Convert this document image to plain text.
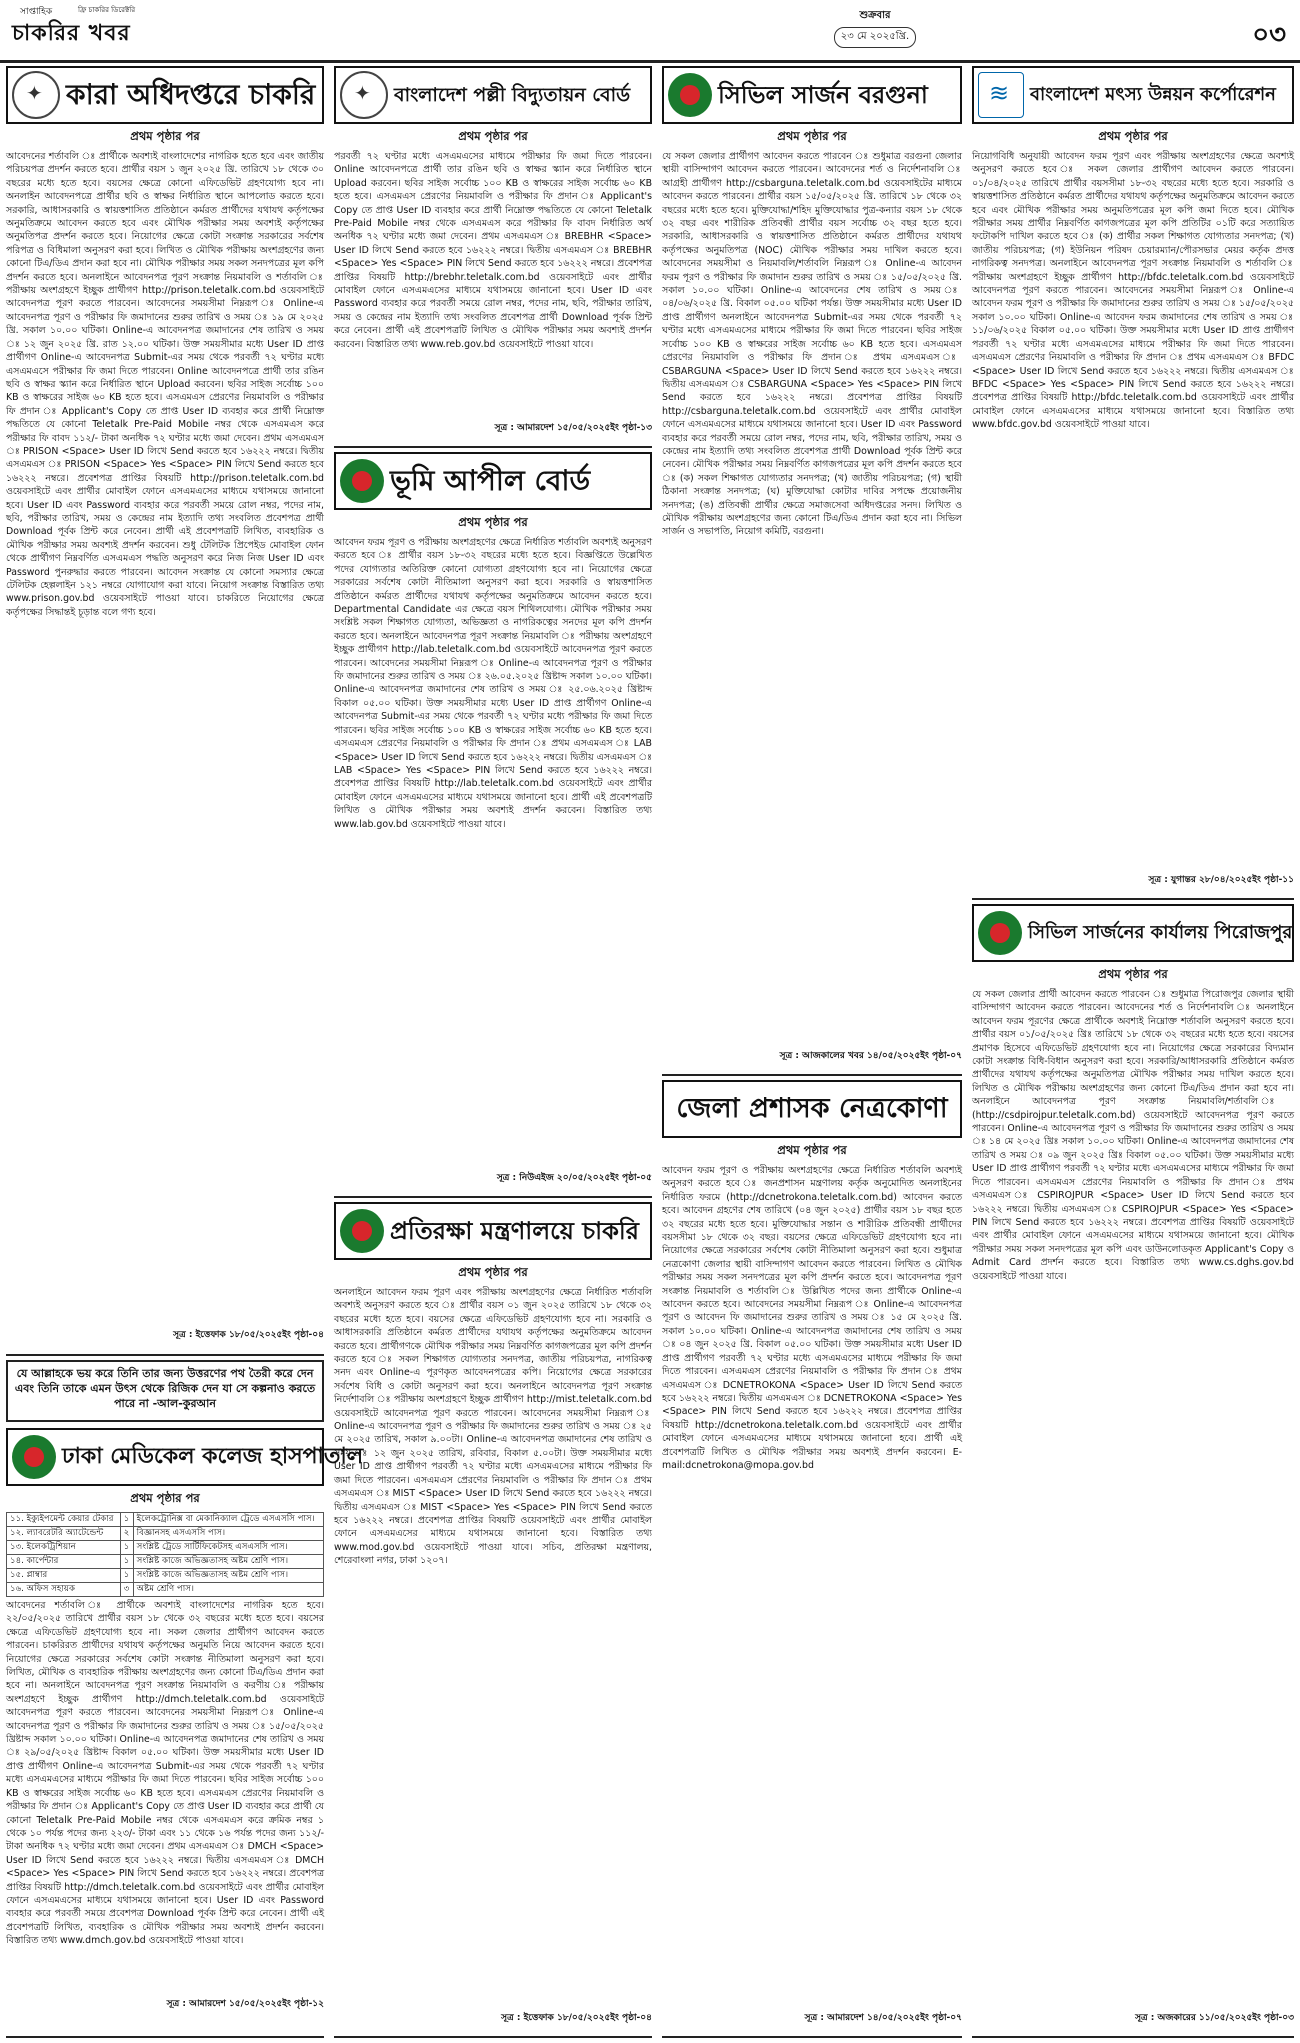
সাপ্তাহিক	ফ্রি চাকরির ডিরেক্টরি
চাকরির খবর
শুক্রবার
২৩ মে ২০২৫খ্রি.	০৩
✦
কারা অধিদপ্তরে চাকরি
প্রথম পৃষ্ঠার পর
আবেদনের শর্তাবলি ঃ প্রার্থীকে অবশ্যই বাংলাদেশের নাগরিক হতে হবে এবং জাতীয় পরিচয়পত্র প্রদর্শন করতে হবে। প্রার্থীর বয়স ১ জুন ২০২৫ খ্রি. তারিখে ১৮ থেকে ৩০ বছরের মধ্যে হতে হবে। বয়সের ক্ষেত্রে কোনো এফিডেভিট গ্রহণযোগ্য হবে না। অনলাইন আবেদনপত্রে প্রার্থীর ছবি ও স্বাক্ষর নির্ধারিত স্থানে আপলোড করতে হবে। সরকারি, আধাসরকারি ও স্বায়ত্তশাসিত প্রতিষ্ঠানে কর্মরত প্রার্থীদের যথাযথ কর্তৃপক্ষের অনুমতিক্রমে আবেদন করতে হবে এবং মৌখিক পরীক্ষার সময় অবশ্যই কর্তৃপক্ষের অনুমতিপত্র প্রদর্শন করতে হবে। নিয়োগের ক্ষেত্রে কোটা সংক্রান্ত সরকারের সর্বশেষ পরিপত্র ও বিধিমালা অনুসরণ করা হবে। লিখিত ও মৌখিক পরীক্ষায় অংশগ্রহণের জন্য কোনো টিএ/ডিএ প্রদান করা হবে না। মৌখিক পরীক্ষার সময় সকল সনদপত্রের মূল কপি প্রদর্শন করতে হবে। অনলাইনে আবেদনপত্র পূরণ সংক্রান্ত নিয়মাবলি ও শর্তাবলি ঃ পরীক্ষায় অংশগ্রহণে ইচ্ছুক প্রার্থীগণ http://prison.teletalk.com.bd ওয়েবসাইটে আবেদনপত্র পূরণ করতে পারবেন। আবেদনের সময়সীমা নিম্নরূপ ঃ Online-এ আবেদনপত্র পূরণ ও পরীক্ষার ফি জমাদানের শুরুর তারিখ ও সময় ঃ ১৯ মে ২০২৫ খ্রি. সকাল ১০.০০ ঘটিকা। Online-এ আবেদনপত্র জমাদানের শেষ তারিখ ও সময় ঃ ১২ জুন ২০২৫ খ্রি. রাত ১২.০০ ঘটিকা। উক্ত সময়সীমার মধ্যে User ID প্রাপ্ত প্রার্থীগণ Online-এ আবেদনপত্র Submit-এর সময় থেকে পরবর্তী ৭২ ঘণ্টার মধ্যে এসএমএসে পরীক্ষার ফি জমা দিতে পারবেন। Online আবেদনপত্রে প্রার্থী তার রঙিন ছবি ও স্বাক্ষর স্ক্যান করে নির্ধারিত স্থানে Upload করবেন। ছবির সাইজ সর্বোচ্চ ১০০ KB ও স্বাক্ষরের সাইজ ৬০ KB হতে হবে। এসএমএস প্রেরণের নিয়মাবলি ও পরীক্ষার ফি প্রদান ঃ Applicant's Copy তে প্রাপ্ত User ID ব্যবহার করে প্রার্থী নিম্নোক্ত পদ্ধতিতে যে কোনো Teletalk Pre-Paid Mobile নম্বর থেকে এসএমএস করে পরীক্ষার ফি বাবদ ১১২/- টাকা অনধিক ৭২ ঘণ্টার মধ্যে জমা দেবেন। প্রথম এসএমএস ঃ PRISON <Space> User ID লিখে Send করতে হবে ১৬২২২ নম্বরে। দ্বিতীয় এসএমএস ঃ PRISON <Space> Yes <Space> PIN লিখে Send করতে হবে ১৬২২২ নম্বরে। প্রবেশপত্র প্রাপ্তির বিষয়টি http://prison.teletalk.com.bd ওয়েবসাইটে এবং প্রার্থীর মোবাইল ফোনে এসএমএসের মাধ্যমে যথাসময়ে জানানো হবে। User ID এবং Password ব্যবহার করে পরবর্তী সময়ে রোল নম্বর, পদের নাম, ছবি, পরীক্ষার তারিখ, সময় ও কেন্দ্রের নাম ইত্যাদি তথ্য সংবলিত প্রবেশপত্র প্রার্থী Download পূর্বক প্রিন্ট করে নেবেন। প্রার্থী এই প্রবেশপত্রটি লিখিত, ব্যবহারিক ও মৌখিক পরীক্ষার সময় অবশ্যই প্রদর্শন করবেন। শুধু টেলিটক প্রিপেইড মোবাইল ফোন থেকে প্রার্থীগণ নিম্নবর্ণিত এসএমএস পদ্ধতি অনুসরণ করে নিজ নিজ User ID এবং Password পুনরুদ্ধার করতে পারবেন। আবেদন সংক্রান্ত যে কোনো সমস্যার ক্ষেত্রে টেলিটক হেল্পলাইন ১২১ নম্বরে যোগাযোগ করা যাবে। নিয়োগ সংক্রান্ত বিস্তারিত তথ্য www.prison.gov.bd ওয়েবসাইটে পাওয়া যাবে। চাকরিতে নিয়োগের ক্ষেত্রে কর্তৃপক্ষের সিদ্ধান্তই চূড়ান্ত বলে গণ্য হবে।
সূত্র : ইত্তেফাক ১৮/০৫/২০২৫ইং পৃষ্ঠা-০৪
যে আল্লাহকে ভয় করে তিনি তার জন্য উত্তরণের পথ তৈরী করে দেন এবং তিনি তাকে এমন উৎস থেকে রিজিক দেন যা সে কল্পনাও করতে পারে না -আল-কুরআন
ঢাকা মেডিকেল কলেজ হাসপাতাল
প্রথম পৃষ্ঠার পর
১১. ইক্যুইপমেন্ট কেয়ার টেকার	১	ইলেকট্রোনিক্স বা মেকানিক্যাল ট্রেডে এসএসসি পাস।
১২. ল্যাবরেটরি অ্যাটেন্ডেন্ট	২	বিজ্ঞানসহ এসএসসি পাস।
১৩. ইলেকট্রিশিয়ান	১	সংশ্লিষ্ট ট্রেডে সার্টিফিকেটসহ এসএসসি পাস।
১৪. কার্পেন্টার	১	সংশ্লিষ্ট কাজে অভিজ্ঞতাসহ অষ্টম শ্রেণি পাস।
১৫. প্লাম্বার	১	সংশ্লিষ্ট কাজে অভিজ্ঞতাসহ অষ্টম শ্রেণি পাস।
১৬. অফিস সহায়ক	৩	অষ্টম শ্রেণি পাস।
আবেদনের শর্তাবলি ঃ প্রার্থীকে অবশ্যই বাংলাদেশের নাগরিক হতে হবে। ২২/০৫/২০২৫ তারিখে প্রার্থীর বয়স ১৮ থেকে ৩২ বছরের মধ্যে হতে হবে। বয়সের ক্ষেত্রে এফিডেভিট গ্রহণযোগ্য হবে না। সকল জেলার প্রার্থীগণ আবেদন করতে পারবেন। চাকরিরত প্রার্থীদের যথাযথ কর্তৃপক্ষের অনুমতি নিয়ে আবেদন করতে হবে। নিয়োগের ক্ষেত্রে সরকারের সর্বশেষ কোটা সংক্রান্ত নীতিমালা অনুসরণ করা হবে। লিখিত, মৌখিক ও ব্যবহারিক পরীক্ষায় অংশগ্রহণের জন্য কোনো টিএ/ডিএ প্রদান করা হবে না। অনলাইনে আবেদনপত্র পূরণ সংক্রান্ত নিয়মাবলি ও করণীয় ঃ পরীক্ষায় অংশগ্রহণে ইচ্ছুক প্রার্থীগণ http://dmch.teletalk.com.bd ওয়েবসাইটে আবেদনপত্র পূরণ করতে পারবেন। আবেদনের সময়সীমা নিম্নরূপ ঃ Online-এ আবেদনপত্র পূরণ ও পরীক্ষার ফি জমাদানের শুরুর তারিখ ও সময় ঃ ১৫/০৫/২০২৫ খ্রিষ্টাব্দ সকাল ১০.০০ ঘটিকা। Online-এ আবেদনপত্র জমাদানের শেষ তারিখ ও সময় ঃ ২৯/০৫/২০২৫ খ্রিষ্টাব্দ বিকাল ০৫.০০ ঘটিকা। উক্ত সময়সীমার মধ্যে User ID প্রাপ্ত প্রার্থীগণ Online-এ আবেদনপত্র Submit-এর সময় থেকে পরবর্তী ৭২ ঘণ্টার মধ্যে এসএমএসের মাধ্যমে পরীক্ষার ফি জমা দিতে পারবেন। ছবির সাইজ সর্বোচ্চ ১০০ KB ও স্বাক্ষরের সাইজ সর্বোচ্চ ৬০ KB হতে হবে। এসএমএস প্রেরণের নিয়মাবলি ও পরীক্ষার ফি প্রদান ঃ Applicant's Copy তে প্রাপ্ত User ID ব্যবহার করে প্রার্থী যে কোনো Teletalk Pre-Paid Mobile নম্বর থেকে এসএমএস করে ক্রমিক নম্বর ১ থেকে ১০ পর্যন্ত পদের জন্য ২২৩/- টাকা এবং ১১ থেকে ১৬ পর্যন্ত পদের জন্য ১১২/- টাকা অনধিক ৭২ ঘণ্টার মধ্যে জমা দেবেন। প্রথম এসএমএস ঃ DMCH <Space> User ID লিখে Send করতে হবে ১৬২২২ নম্বরে। দ্বিতীয় এসএমএস ঃ DMCH <Space> Yes <Space> PIN লিখে Send করতে হবে ১৬২২২ নম্বরে। প্রবেশপত্র প্রাপ্তির বিষয়টি http://dmch.teletalk.com.bd ওয়েবসাইটে এবং প্রার্থীর মোবাইল ফোনে এসএমএসের মাধ্যমে যথাসময়ে জানানো হবে। User ID এবং Password ব্যবহার করে পরবর্তী সময়ে প্রবেশপত্র Download পূর্বক প্রিন্ট করে নেবেন। প্রার্থী এই প্রবেশপত্রটি লিখিত, ব্যবহারিক ও মৌখিক পরীক্ষার সময় অবশ্যই প্রদর্শন করবেন। বিস্তারিত তথ্য www.dmch.gov.bd ওয়েবসাইটে পাওয়া যাবে।
সূত্র : আমারদেশ ১৫/০৫/২০২৫ইং পৃষ্ঠা-১২
✦
বাংলাদেশ পল্লী বিদ্যুতায়ন বোর্ড
প্রথম পৃষ্ঠার পর
পরবর্তী ৭২ ঘণ্টার মধ্যে এসএমএসের মাধ্যমে পরীক্ষার ফি জমা দিতে পারবেন। Online আবেদনপত্রে প্রার্থী তার রঙিন ছবি ও স্বাক্ষর স্ক্যান করে নির্ধারিত স্থানে Upload করবেন। ছবির সাইজ সর্বোচ্চ ১০০ KB ও স্বাক্ষরের সাইজ সর্বোচ্চ ৬০ KB হতে হবে। এসএমএস প্রেরণের নিয়মাবলি ও পরীক্ষার ফি প্রদান ঃ Applicant's Copy তে প্রাপ্ত User ID ব্যবহার করে প্রার্থী নিম্নোক্ত পদ্ধতিতে যে কোনো Teletalk Pre-Paid Mobile নম্বর থেকে এসএমএস করে পরীক্ষার ফি বাবদ নির্ধারিত অর্থ অনধিক ৭২ ঘণ্টার মধ্যে জমা দেবেন। প্রথম এসএমএস ঃ BREBHR <Space> User ID লিখে Send করতে হবে ১৬২২২ নম্বরে। দ্বিতীয় এসএমএস ঃ BREBHR <Space> Yes <Space> PIN লিখে Send করতে হবে ১৬২২২ নম্বরে। প্রবেশপত্র প্রাপ্তির বিষয়টি http://brebhr.teletalk.com.bd ওয়েবসাইটে এবং প্রার্থীর মোবাইল ফোনে এসএমএসের মাধ্যমে যথাসময়ে জানানো হবে। User ID এবং Password ব্যবহার করে পরবর্তী সময়ে রোল নম্বর, পদের নাম, ছবি, পরীক্ষার তারিখ, সময় ও কেন্দ্রের নাম ইত্যাদি তথ্য সংবলিত প্রবেশপত্র প্রার্থী Download পূর্বক প্রিন্ট করে নেবেন। প্রার্থী এই প্রবেশপত্রটি লিখিত ও মৌখিক পরীক্ষার সময় অবশ্যই প্রদর্শন করবেন। বিস্তারিত তথ্য www.reb.gov.bd ওয়েবসাইটে পাওয়া যাবে।
সূত্র : আমারদেশ ১৫/০৫/২০২৫ইং পৃষ্ঠা-১৩
ভূমি আপীল বোর্ড
প্রথম পৃষ্ঠার পর
আবেদন ফরম পূরণ ও পরীক্ষায় অংশগ্রহণের ক্ষেত্রে নির্ধারিত শর্তাবলি অবশ্যই অনুসরণ করতে হবে ঃ প্রার্থীর বয়স ১৮-৩২ বছরের মধ্যে হতে হবে। বিজ্ঞপ্তিতে উল্লেখিত পদের যোগ্যতার অতিরিক্ত কোনো যোগ্যতা গ্রহণযোগ্য হবে না। নিয়োগের ক্ষেত্রে সরকারের সর্বশেষ কোটা নীতিমালা অনুসরণ করা হবে। সরকারি ও স্বায়ত্তশাসিত প্রতিষ্ঠানে কর্মরত প্রার্থীদের যথাযথ কর্তৃপক্ষের অনুমতিক্রমে আবেদন করতে হবে। Departmental Candidate এর ক্ষেত্রে বয়স শিথিলযোগ্য। মৌখিক পরীক্ষার সময় সংশ্লিষ্ট সকল শিক্ষাগত যোগ্যতা, অভিজ্ঞতা ও নাগরিকত্বের সনদের মূল কপি প্রদর্শন করতে হবে। অনলাইনে আবেদনপত্র পূরণ সংক্রান্ত নিয়মাবলি ঃ পরীক্ষায় অংশগ্রহণে ইচ্ছুক প্রার্থীগণ http://lab.teletalk.com.bd ওয়েবসাইটে আবেদনপত্র পূরণ করতে পারবেন। আবেদনের সময়সীমা নিম্নরূপ ঃ Online-এ আবেদনপত্র পূরণ ও পরীক্ষার ফি জমাদানের শুরুর তারিখ ও সময় ঃ ২৬.০৫.২০২৫ খ্রিষ্টাব্দ সকাল ১০.০০ ঘটিকা। Online-এ আবেদনপত্র জমাদানের শেষ তারিখ ও সময় ঃ ২৫.০৬.২০২৫ খ্রিষ্টাব্দ বিকাল ০৫.০০ ঘটিকা। উক্ত সময়সীমার মধ্যে User ID প্রাপ্ত প্রার্থীগণ Online-এ আবেদনপত্র Submit-এর সময় থেকে পরবর্তী ৭২ ঘণ্টার মধ্যে পরীক্ষার ফি জমা দিতে পারবেন। ছবির সাইজ সর্বোচ্চ ১০০ KB ও স্বাক্ষরের সাইজ সর্বোচ্চ ৬০ KB হতে হবে। এসএমএস প্রেরণের নিয়মাবলি ও পরীক্ষার ফি প্রদান ঃ প্রথম এসএমএস ঃ LAB <Space> User ID লিখে Send করতে হবে ১৬২২২ নম্বরে। দ্বিতীয় এসএমএস ঃ LAB <Space> Yes <Space> PIN লিখে Send করতে হবে ১৬২২২ নম্বরে। প্রবেশপত্র প্রাপ্তির বিষয়টি http://lab.teletalk.com.bd ওয়েবসাইটে এবং প্রার্থীর মোবাইল ফোনে এসএমএসের মাধ্যমে যথাসময়ে জানানো হবে। প্রার্থী এই প্রবেশপত্রটি লিখিত ও মৌখিক পরীক্ষার সময় অবশ্যই প্রদর্শন করবেন। বিস্তারিত তথ্য www.lab.gov.bd ওয়েবসাইটে পাওয়া যাবে।
সূত্র : নিউএইজ ২০/০৫/২০২৫ইং পৃষ্ঠা-০৫
প্রতিরক্ষা মন্ত্রণালয়ে চাকরি
প্রথম পৃষ্ঠার পর
অনলাইনে আবেদন ফরম পূরণ এবং পরীক্ষায় অংশগ্রহণের ক্ষেত্রে নির্ধারিত শর্তাবলি অবশ্যই অনুসরণ করতে হবে ঃ প্রার্থীর বয়স ০১ জুন ২০২৫ তারিখে ১৮ থেকে ৩২ বছরের মধ্যে হতে হবে। বয়সের ক্ষেত্রে এফিডেভিট গ্রহণযোগ্য হবে না। সরকারি ও আধাসরকারি প্রতিষ্ঠানে কর্মরত প্রার্থীদের যথাযথ কর্তৃপক্ষের অনুমতিক্রমে আবেদন করতে হবে। প্রার্থীগণকে মৌখিক পরীক্ষার সময় নিম্নবর্ণিত কাগজপত্রের মূল কপি প্রদর্শন করতে হবে ঃ সকল শিক্ষাগত যোগ্যতার সনদপত্র, জাতীয় পরিচয়পত্র, নাগরিকত্ব সনদ এবং Online-এ পূরণকৃত আবেদনপত্রের কপি। নিয়োগের ক্ষেত্রে সরকারের সর্বশেষ বিধি ও কোটা অনুসরণ করা হবে। অনলাইনে আবেদনপত্র পূরণ সংক্রান্ত নির্দেশাবলি ঃ পরীক্ষায় অংশগ্রহণে ইচ্ছুক প্রার্থীগণ http://mist.teletalk.com.bd ওয়েবসাইটে আবেদনপত্র পূরণ করতে পারবেন। আবেদনের সময়সীমা নিম্নরূপ ঃ Online-এ আবেদনপত্র পূরণ ও পরীক্ষার ফি জমাদানের শুরুর তারিখ ও সময় ঃ ২৫ মে ২০২৫ তারিখ, সকাল ৯.০০টা। Online-এ আবেদনপত্র জমাদানের শেষ তারিখ ও সময় ঃ ১২ জুন ২০২৫ তারিখ, রবিবার, বিকাল ৫.০০টা। উক্ত সময়সীমার মধ্যে User ID প্রাপ্ত প্রার্থীগণ পরবর্তী ৭২ ঘণ্টার মধ্যে এসএমএসের মাধ্যমে পরীক্ষার ফি জমা দিতে পারবেন। এসএমএস প্রেরণের নিয়মাবলি ও পরীক্ষার ফি প্রদান ঃ প্রথম এসএমএস ঃ MIST <Space> User ID লিখে Send করতে হবে ১৬২২২ নম্বরে। দ্বিতীয় এসএমএস ঃ MIST <Space> Yes <Space> PIN লিখে Send করতে হবে ১৬২২২ নম্বরে। প্রবেশপত্র প্রাপ্তির বিষয়টি ওয়েবসাইটে এবং প্রার্থীর মোবাইল ফোনে এসএমএসের মাধ্যমে যথাসময়ে জানানো হবে। বিস্তারিত তথ্য www.mod.gov.bd ওয়েবসাইটে পাওয়া যাবে। সচিব, প্রতিরক্ষা মন্ত্রণালয়, শেরেবাংলা নগর, ঢাকা ১২০৭।
সূত্র : ইত্তেফাক ১৮/০৫/২০২৫ইং পৃষ্ঠা-০৪
সিভিল সার্জন বরগুনা
প্রথম পৃষ্ঠার পর
যে সকল জেলার প্রার্থীগণ আবেদন করতে পারবেন ঃ শুধুমাত্র বরগুনা জেলার স্থায়ী বাসিন্দাগণ আবেদন করতে পারবেন। আবেদনের শর্ত ও নির্দেশনাবলি ঃ আগ্রহী প্রার্থীগণ http://csbarguna.teletalk.com.bd ওয়েবসাইটের মাধ্যমে আবেদন করতে পারবেন। প্রার্থীর বয়স ১৫/০৫/২০২৫ খ্রি. তারিখে ১৮ থেকে ৩২ বছরের মধ্যে হতে হবে। মুক্তিযোদ্ধা/শহিদ মুক্তিযোদ্ধার পুত্র-কন্যার বয়স ১৮ থেকে ৩২ বছর এবং শারীরিক প্রতিবন্ধী প্রার্থীর বয়স সর্বোচ্চ ৩২ বছর হতে হবে। সরকারি, আধাসরকারি ও স্বায়ত্তশাসিত প্রতিষ্ঠানে কর্মরত প্রার্থীদের যথাযথ কর্তৃপক্ষের অনুমতিপত্র (NOC) মৌখিক পরীক্ষার সময় দাখিল করতে হবে। আবেদনের সময়সীমা ও নিয়মাবলি/শর্তাবলি নিম্নরূপ ঃ Online-এ আবেদন ফরম পূরণ ও পরীক্ষার ফি জমাদান শুরুর তারিখ ও সময় ঃ ১৫/০৫/২০২৫ খ্রি. সকাল ১০.০০ ঘটিকা। Online-এ আবেদনের শেষ তারিখ ও সময় ঃ ০৪/০৬/২০২৫ খ্রি. বিকাল ০৫.০০ ঘটিকা পর্যন্ত। উক্ত সময়সীমার মধ্যে User ID প্রাপ্ত প্রার্থীগণ অনলাইনে আবেদনপত্র Submit-এর সময় থেকে পরবর্তী ৭২ ঘণ্টার মধ্যে এসএমএসের মাধ্যমে পরীক্ষার ফি জমা দিতে পারবেন। ছবির সাইজ সর্বোচ্চ ১০০ KB ও স্বাক্ষরের সাইজ সর্বোচ্চ ৬০ KB হতে হবে। এসএমএস প্রেরণের নিয়মাবলি ও পরীক্ষার ফি প্রদান ঃ প্রথম এসএমএস ঃ CSBARGUNA <Space> User ID লিখে Send করতে হবে ১৬২২২ নম্বরে। দ্বিতীয় এসএমএস ঃ CSBARGUNA <Space> Yes <Space> PIN লিখে Send করতে হবে ১৬২২২ নম্বরে। প্রবেশপত্র প্রাপ্তির বিষয়টি http://csbarguna.teletalk.com.bd ওয়েবসাইটে এবং প্রার্থীর মোবাইল ফোনে এসএমএসের মাধ্যমে যথাসময়ে জানানো হবে। User ID এবং Password ব্যবহার করে পরবর্তী সময়ে রোল নম্বর, পদের নাম, ছবি, পরীক্ষার তারিখ, সময় ও কেন্দ্রের নাম ইত্যাদি তথ্য সংবলিত প্রবেশপত্র প্রার্থী Download পূর্বক প্রিন্ট করে নেবেন। মৌখিক পরীক্ষার সময় নিম্নবর্ণিত কাগজপত্রের মূল কপি প্রদর্শন করতে হবে ঃ (ক) সকল শিক্ষাগত যোগ্যতার সনদপত্র; (খ) জাতীয় পরিচয়পত্র; (গ) স্থায়ী ঠিকানা সংক্রান্ত সনদপত্র; (ঘ) মুক্তিযোদ্ধা কোটার দাবির সপক্ষে প্রয়োজনীয় সনদপত্র; (ঙ) প্রতিবন্ধী প্রার্থীর ক্ষেত্রে সমাজসেবা অধিদপ্তরের সনদ। লিখিত ও মৌখিক পরীক্ষায় অংশগ্রহণের জন্য কোনো টিএ/ডিএ প্রদান করা হবে না। সিভিল সার্জন ও সভাপতি, নিয়োগ কমিটি, বরগুনা।
সূত্র : আজকালের খবর ১৪/০৫/২০২৫ইং পৃষ্ঠা-০৭
জেলা প্রশাসক নেত্রকোণা
প্রথম পৃষ্ঠার পর
আবেদন ফরম পূরণ ও পরীক্ষায় অংশগ্রহণের ক্ষেত্রে নির্ধারিত শর্তাবলি অবশ্যই অনুসরণ করতে হবে ঃ জনপ্রশাসন মন্ত্রণালয় কর্তৃক অনুমোদিত অনলাইনের নির্ধারিত ফরমে (http://dcnetrokona.teletalk.com.bd) আবেদন করতে হবে। আবেদন গ্রহণের শেষ তারিখে (০৪ জুন ২০২৫) প্রার্থীর বয়স ১৮ বছর হতে ৩২ বছরের মধ্যে হতে হবে। মুক্তিযোদ্ধার সন্তান ও শারীরিক প্রতিবন্ধী প্রার্থীদের বয়সসীমা ১৮ থেকে ৩২ বছর। বয়সের ক্ষেত্রে এফিডেভিট গ্রহণযোগ্য হবে না। নিয়োগের ক্ষেত্রে সরকারের সর্বশেষ কোটা নীতিমালা অনুসরণ করা হবে। শুধুমাত্র নেত্রকোণা জেলার স্থায়ী বাসিন্দাগণ আবেদন করতে পারবেন। লিখিত ও মৌখিক পরীক্ষার সময় সকল সনদপত্রের মূল কপি প্রদর্শন করতে হবে। আবেদনপত্র পূরণ সংক্রান্ত নিয়মাবলি ও শর্তাবলি ঃ উল্লিখিত পদের জন্য প্রার্থীকে Online-এ আবেদন করতে হবে। আবেদনের সময়সীমা নিম্নরূপ ঃ Online-এ আবেদনপত্র পূরণ ও আবেদন ফি জমাদানের শুরুর তারিখ ও সময় ঃ ১৫ মে ২০২৫ খ্রি. সকাল ১০.০০ ঘটিকা। Online-এ আবেদনপত্র জমাদানের শেষ তারিখ ও সময় ঃ ০৪ জুন ২০২৫ খ্রি. বিকাল ০৫.০০ ঘটিকা। উক্ত সময়সীমার মধ্যে User ID প্রাপ্ত প্রার্থীগণ পরবর্তী ৭২ ঘণ্টার মধ্যে এসএমএসের মাধ্যমে পরীক্ষার ফি জমা দিতে পারবেন। এসএমএস প্রেরণের নিয়মাবলি ও পরীক্ষার ফি প্রদান ঃ প্রথম এসএমএস ঃ DCNETROKONA <Space> User ID লিখে Send করতে হবে ১৬২২২ নম্বরে। দ্বিতীয় এসএমএস ঃ DCNETROKONA <Space> Yes <Space> PIN লিখে Send করতে হবে ১৬২২২ নম্বরে। প্রবেশপত্র প্রাপ্তির বিষয়টি http://dcnetrokona.teletalk.com.bd ওয়েবসাইটে এবং প্রার্থীর মোবাইল ফোনে এসএমএসের মাধ্যমে যথাসময়ে জানানো হবে। প্রার্থী এই প্রবেশপত্রটি লিখিত ও মৌখিক পরীক্ষার সময় অবশ্যই প্রদর্শন করবেন। E-mail:dcnetrokona@mopa.gov.bd
সূত্র : আমারদেশ ১৪/০৫/২০২৫ইং পৃষ্ঠা-০৭
≋
বাংলাদেশ মৎস্য উন্নয়ন কর্পোরেশন
প্রথম পৃষ্ঠার পর
নিয়োগবিধি অনুযায়ী আবেদন ফরম পূরণ এবং পরীক্ষায় অংশগ্রহণের ক্ষেত্রে অবশ্যই অনুসরণ করতে হবে ঃ সকল জেলার প্রার্থীগণ আবেদন করতে পারবেন। ০১/০৪/২০২৫ তারিখে প্রার্থীর বয়সসীমা ১৮-৩২ বছরের মধ্যে হতে হবে। সরকারি ও স্বায়ত্তশাসিত প্রতিষ্ঠানে কর্মরত প্রার্থীদের যথাযথ কর্তৃপক্ষের অনুমতিক্রমে আবেদন করতে হবে এবং মৌখিক পরীক্ষার সময় অনুমতিপত্রের মূল কপি জমা দিতে হবে। মৌখিক পরীক্ষার সময় প্রার্থীর নিম্নবর্ণিত কাগজপত্রের মূল কপি প্রতিটির ০১টি করে সত্যায়িত ফটোকপি দাখিল করতে হবে ঃ (ক) প্রার্থীর সকল শিক্ষাগত যোগ্যতার সনদপত্র; (খ) জাতীয় পরিচয়পত্র; (গ) ইউনিয়ন পরিষদ চেয়ারম্যান/পৌরসভার মেয়র কর্তৃক প্রদত্ত নাগরিকত্ব সনদপত্র। অনলাইনে আবেদনপত্র পূরণ সংক্রান্ত নিয়মাবলি ও শর্তাবলি ঃ পরীক্ষায় অংশগ্রহণে ইচ্ছুক প্রার্থীগণ http://bfdc.teletalk.com.bd ওয়েবসাইটে আবেদনপত্র পূরণ করতে পারবেন। আবেদনের সময়সীমা নিম্নরূপ ঃ Online-এ আবেদন ফরম পূরণ ও পরীক্ষার ফি জমাদানের শুরুর তারিখ ও সময় ঃ ১৫/০৫/২০২৫ সকাল ১০.০০ ঘটিকা। Online-এ আবেদন ফরম জমাদানের শেষ তারিখ ও সময় ঃ ১১/০৬/২০২৫ বিকাল ০৫.০০ ঘটিকা। উক্ত সময়সীমার মধ্যে User ID প্রাপ্ত প্রার্থীগণ পরবর্তী ৭২ ঘণ্টার মধ্যে এসএমএসের মাধ্যমে পরীক্ষার ফি জমা দিতে পারবেন। এসএমএস প্রেরণের নিয়মাবলি ও পরীক্ষার ফি প্রদান ঃ প্রথম এসএমএস ঃ BFDC <Space> User ID লিখে Send করতে হবে ১৬২২২ নম্বরে। দ্বিতীয় এসএমএস ঃ BFDC <Space> Yes <Space> PIN লিখে Send করতে হবে ১৬২২২ নম্বরে। প্রবেশপত্র প্রাপ্তির বিষয়টি http://bfdc.teletalk.com.bd ওয়েবসাইটে এবং প্রার্থীর মোবাইল ফোনে এসএমএসের মাধ্যমে যথাসময়ে জানানো হবে। বিস্তারিত তথ্য www.bfdc.gov.bd ওয়েবসাইটে পাওয়া যাবে।
সূত্র : যুগান্তর ২৮/০৪/২০২৫ইং পৃষ্ঠা-১১
সিভিল সার্জনের কার্যালয় পিরোজপুর
প্রথম পৃষ্ঠার পর
যে সকল জেলার প্রার্থী আবেদন করতে পারবেন ঃ শুধুমাত্র পিরোজপুর জেলার স্থায়ী বাসিন্দাগণ আবেদন করতে পারবেন। আবেদনের শর্ত ও নির্দেশনাবলি ঃ অনলাইনে আবেদন ফরম পূরণের ক্ষেত্রে প্রার্থীকে অবশ্যই নিম্নোক্ত শর্তাবলি অনুসরণ করতে হবে। প্রার্থীর বয়স ০১/০৫/২০২৫ খ্রিঃ তারিখে ১৮ থেকে ৩২ বছরের মধ্যে হতে হবে। বয়সের প্রমাণক হিসেবে এফিডেভিট গ্রহণযোগ্য হবে না। নিয়োগের ক্ষেত্রে সরকারের বিদ্যমান কোটা সংক্রান্ত বিধি-বিধান অনুসরণ করা হবে। সরকারি/আধাসরকারি প্রতিষ্ঠানে কর্মরত প্রার্থীদের যথাযথ কর্তৃপক্ষের অনুমতিপত্র মৌখিক পরীক্ষার সময় দাখিল করতে হবে। লিখিত ও মৌখিক পরীক্ষায় অংশগ্রহণের জন্য কোনো টিএ/ডিএ প্রদান করা হবে না। অনলাইনে আবেদনপত্র পূরণ সংক্রান্ত নিয়মাবলি/শর্তাবলি ঃ (http://csdpirojpur.teletalk.com.bd) ওয়েবসাইটে আবেদনপত্র পূরণ করতে পারবেন। Online-এ আবেদনপত্র পূরণ ও পরীক্ষার ফি জমাদানের শুরুর তারিখ ও সময় ঃ ১৪ মে ২০২৫ খ্রিঃ সকাল ১০.০০ ঘটিকা। Online-এ আবেদনপত্র জমাদানের শেষ তারিখ ও সময় ঃ ০৯ জুন ২০২৫ খ্রিঃ বিকাল ০৫.০০ ঘটিকা। উক্ত সময়সীমার মধ্যে User ID প্রাপ্ত প্রার্থীগণ পরবর্তী ৭২ ঘণ্টার মধ্যে এসএমএসের মাধ্যমে পরীক্ষার ফি জমা দিতে পারবেন। এসএমএস প্রেরণের নিয়মাবলি ও পরীক্ষার ফি প্রদান ঃ প্রথম এসএমএস ঃ CSPIROJPUR <Space> User ID লিখে Send করতে হবে ১৬২২২ নম্বরে। দ্বিতীয় এসএমএস ঃ CSPIROJPUR <Space> Yes <Space> PIN লিখে Send করতে হবে ১৬২২২ নম্বরে। প্রবেশপত্র প্রাপ্তির বিষয়টি ওয়েবসাইটে এবং প্রার্থীর মোবাইল ফোনে এসএমএসের মাধ্যমে যথাসময়ে জানানো হবে। মৌখিক পরীক্ষার সময় সকল সনদপত্রের মূল কপি এবং ডাউনলোডকৃত Applicant's Copy ও Admit Card প্রদর্শন করতে হবে। বিস্তারিত তথ্য www.cs.dghs.gov.bd ওয়েবসাইটে পাওয়া যাবে।
সূত্র : অজকারের ১১/০৫/২০২৫ইং পৃষ্ঠা-০৩
